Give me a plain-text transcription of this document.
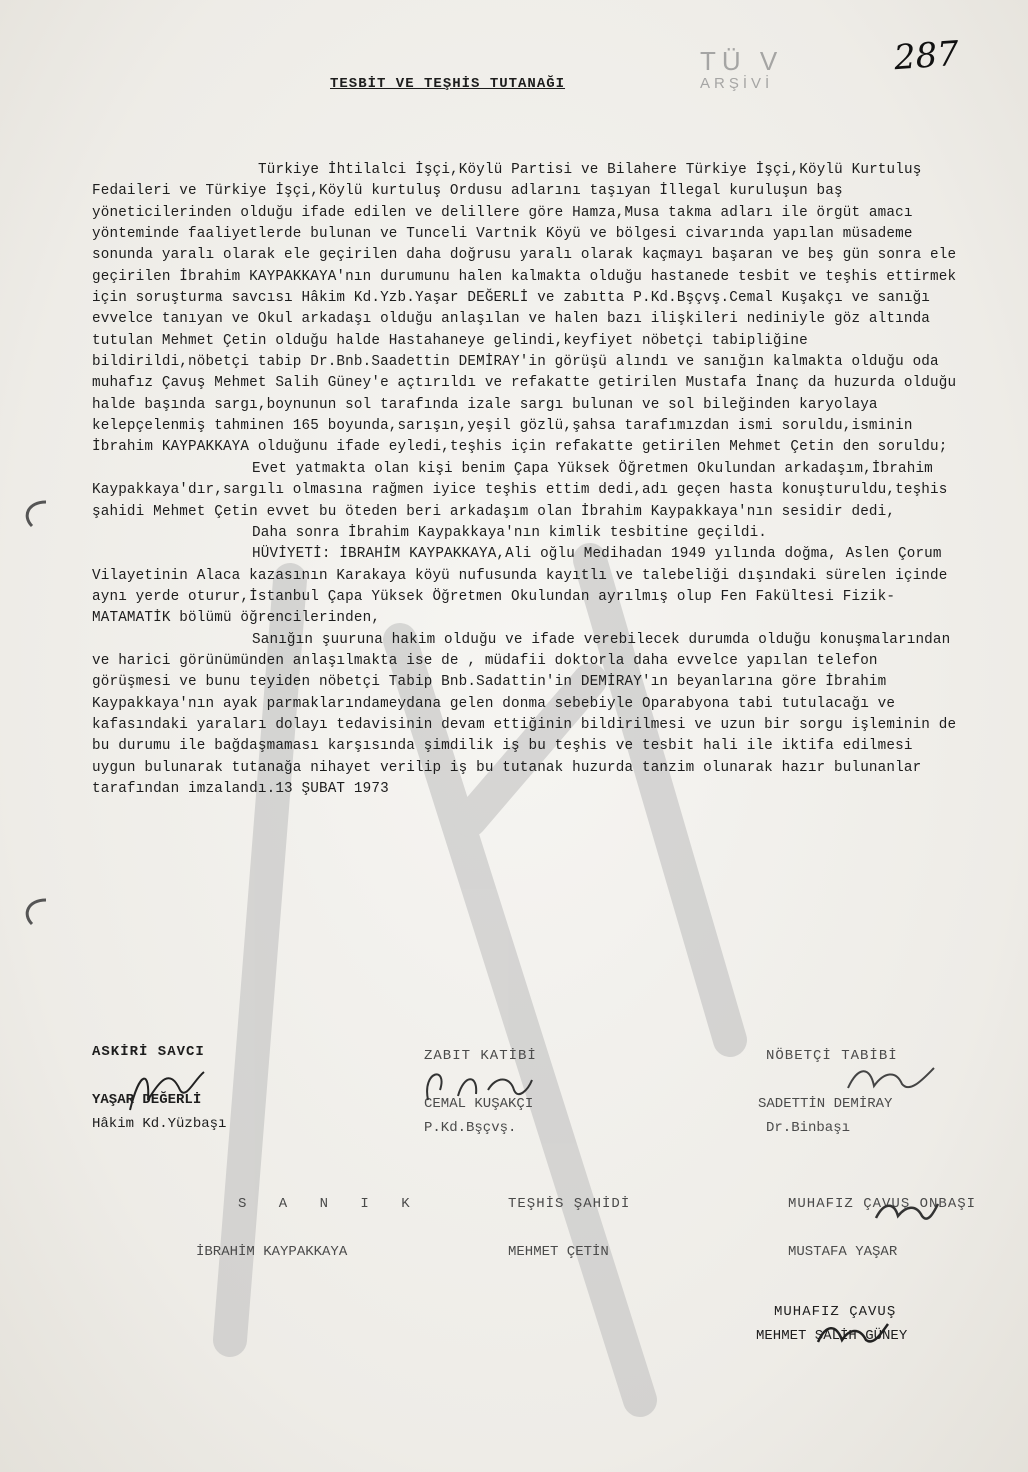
TÜ V
ARŞİVİ
287
TESBİT VE TEŞHİS TUTANAĞI

Türkiye İhtilalci İşçi,Köylü Partisi ve Bilahere Türkiye İşçi,Köylü Kurtuluş Fedaileri ve Türkiye İşçi,Köylü kurtuluş Ordusu adlarını taşıyan İllegal kuruluşun baş yöneticilerinden olduğu ifade edilen ve delillere göre Hamza,Musa takma adları ile örgüt amacı yönteminde faaliyetlerde bulunan ve Tunceli Vartnik Köyü ve bölgesi civarında yapılan müsademe sonunda yaralı olarak ele geçirilen daha doğrusu yaralı olarak kaçmayı başaran ve beş gün sonra ele geçirilen İbrahim KAYPAKKAYA'nın durumunu halen kalmakta olduğu hastanede tesbit ve teşhis ettirmek için soruşturma savcısı Hâkim Kd.Yzb.Yaşar DEĞERLİ ve zabıtta P.Kd.Bşçvş.Cemal Kuşakçı ve sanığı evvelce tanıyan ve Okul arkadaşı olduğu anlaşılan ve halen bazı ilişkileri nediniyle göz altında tutulan Mehmet Çetin olduğu halde Hastahaneye gelindi,keyfiyet nöbetçi tabipliğine bildirildi,nöbetçi tabip Dr.Bnb.Saadettin DEMİRAY'in görüşü alındı ve sanığın kalmakta olduğu oda muhafız Çavuş Mehmet Salih Güney'e açtırıldı ve refakatte getirilen Mustafa İnanç da huzurda olduğu halde başında sargı,boynunun sol tarafında izale sargı bulunan ve sol bileğinden karyolaya kelepçelenmiş tahminen 165 boyunda,sarışın,yeşil gözlü,şahsa tarafımızdan ismi soruldu,isminin İbrahim KAYPAKKAYA olduğunu ifade eyledi,teşhis için refakatte getirilen Mehmet Çetin den soruldu;

Evet yatmakta olan kişi benim Çapa Yüksek Öğretmen Okulundan arkadaşım,İbrahim Kaypakkaya'dır,sargılı olmasına rağmen iyice teşhis ettim dedi,adı geçen hasta konuşturuldu,teşhis şahidi Mehmet Çetin evvet bu öteden beri arkadaşım olan İbrahim Kaypakkaya'nın sesidir dedi,

Daha sonra İbrahim Kaypakkaya'nın kimlik tesbitine geçildi.

HÜVİYETİ: İBRAHİM KAYPAKKAYA,Ali oğlu Medihadan 1949 yılında doğma, Aslen Çorum Vilayetinin Alaca kazasının Karakaya köyü nufusunda kayıtlı ve talebeliği dışındaki sürelen içinde aynı yerde oturur,İstanbul Çapa Yüksek Öğretmen Okulundan ayrılmış olup Fen Fakültesi Fizik-MATAMATİK bölümü öğrencilerinden,

Sanığın şuuruna hakim olduğu ve ifade verebilecek durumda olduğu konuşmalarından ve harici görünümünden anlaşılmakta ise de , müdafii doktorla daha evvelce yapılan telefon görüşmesi ve bunu teyiden nöbetçi Tabip Bnb.Sadattin'in DEMİRAY'ın beyanlarına göre İbrahim Kaypakkaya'nın ayak parmaklarındameydana gelen donma sebebiyle Oparabyona tabi tutulacağı ve kafasındaki yaraları dolayı tedavisinin devam ettiğinin bildirilmesi ve uzun bir sorgu işleminin de bu durumu ile bağdaşmaması karşısında şimdilik iş bu teşhis ve tesbit hali ile iktifa edilmesi uygun bulunarak tutanağa nihayet verilip iş bu tutanak huzurda tanzim olunarak hazır bulunanlar tarafından imzalandı.13 ŞUBAT 1973

ASKİRİ SAVCI
YAŞAR DEĞERLİ
Hâkim Kd.Yüzbaşı
ZABIT KATİBİ
CEMAL KUŞAKÇI
P.Kd.Bşçvş.
NÖBETÇİ TABİBİ
SADETTİN DEMİRAY
Dr.Binbaşı
S A N I K
İBRAHİM KAYPAKKAYA
TEŞHİS ŞAHİDİ
MEHMET ÇETİN
MUHAFIZ ÇAVUŞ ONBAŞI
MUSTAFA YAŞAR
MUHAFIZ ÇAVUŞ
MEHMET SALİH GÜNEY
